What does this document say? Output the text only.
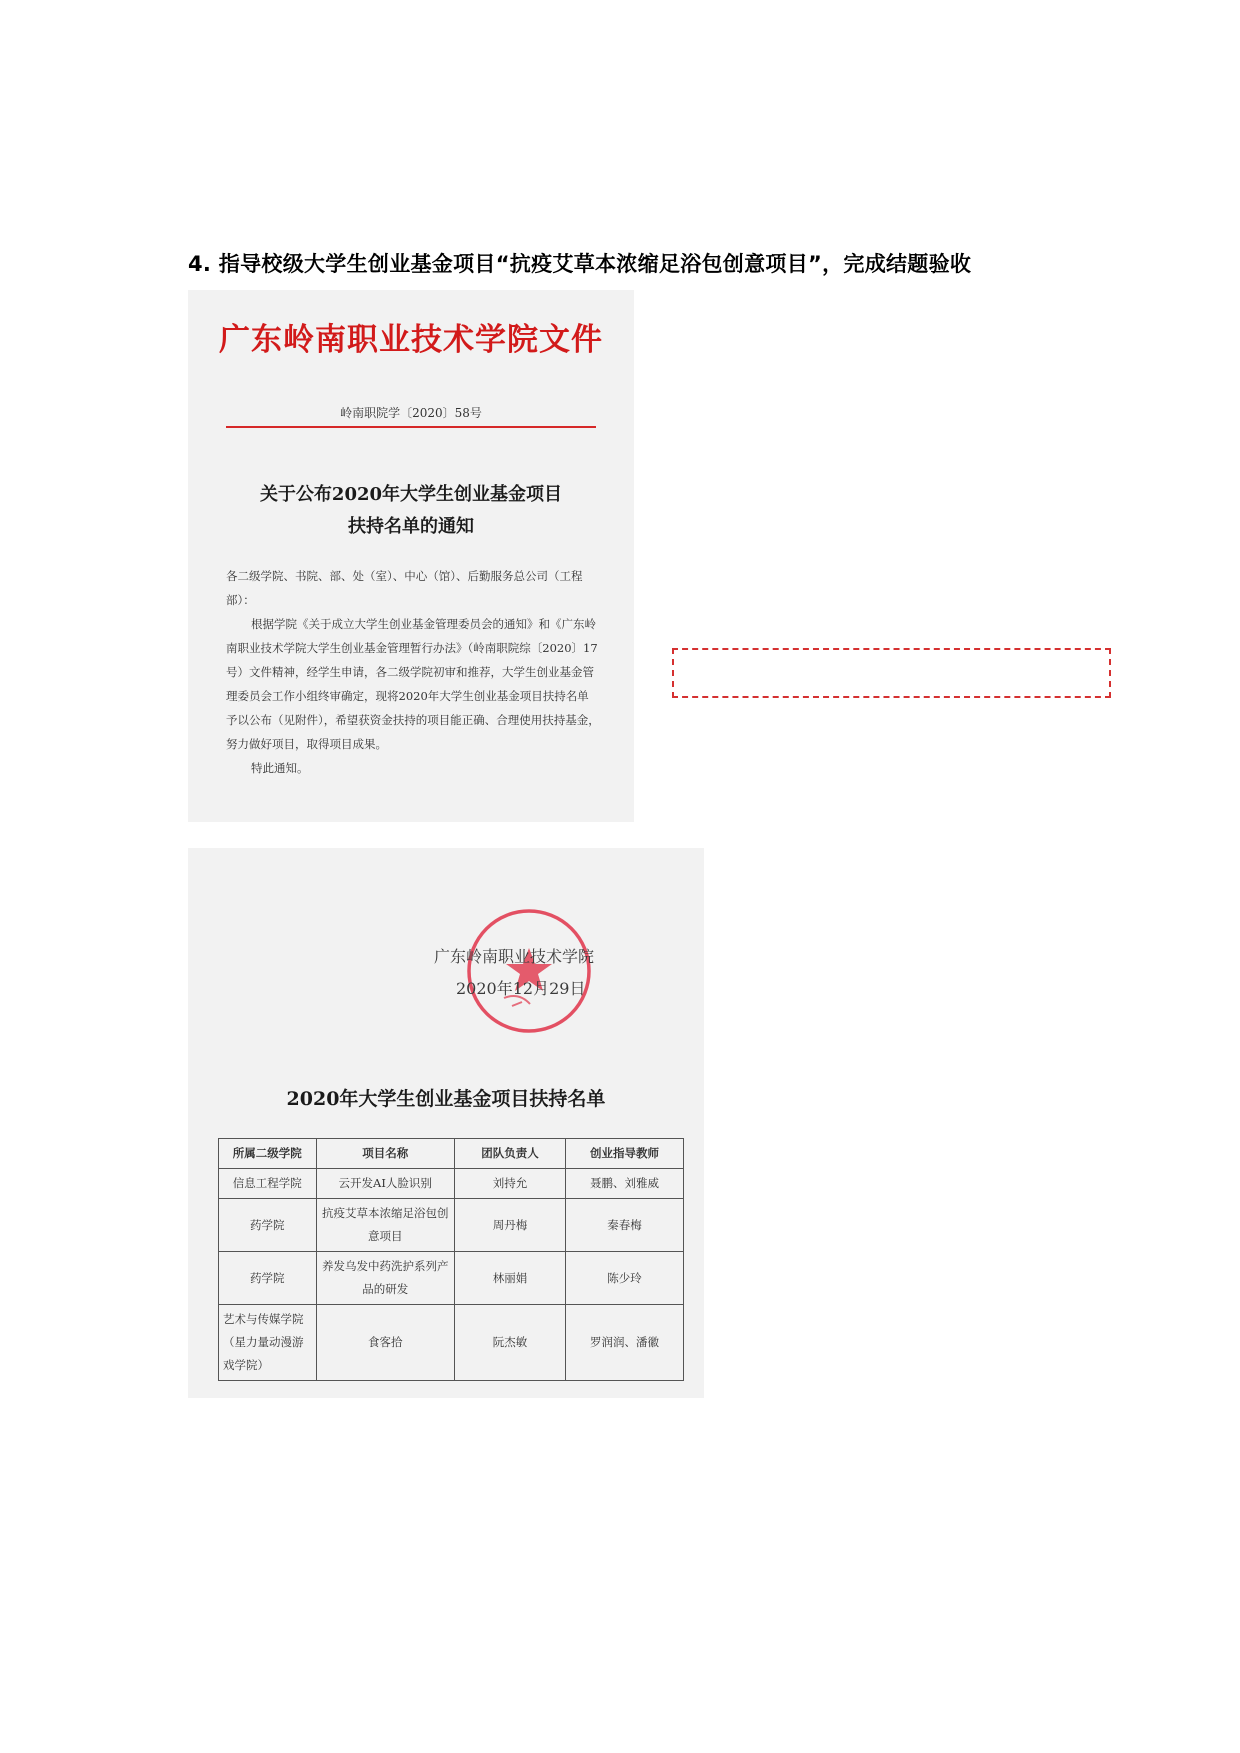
4. 指导校级大学生创业基金项目“抗疫艾草本浓缩足浴包创意项目”，完成结题验收
广东岭南职业技术学院文件
岭南职院学〔2020〕58号
关于公布2020年大学生创业基金项目
扶持名单的通知

各二级学院、书院、部、处（室）、中心（馆）、后勤服务总公司（工程部）：

根据学院《关于成立大学生创业基金管理委员会的通知》和《广东岭南职业技术学院大学生创业基金管理暂行办法》（岭南职院综〔2020〕17号）文件精神，经学生申请，各二级学院初审和推荐，大学生创业基金管理委员会工作小组终审确定，现将2020年大学生创业基金项目扶持名单予以公布（见附件），希望获资金扶持的项目能正确、合理使用扶持基金，努力做好项目，取得项目成果。

特此通知。

广东岭南职业技术学院
2020年12月29日
2020年大学生创业基金项目扶持名单
所属二级学院	项目名称	团队负责人	创业指导教师
信息工程学院	云开发AI人脸识别	刘持允	聂鹏、刘雅威
药学院	抗疫艾草本浓缩足浴包创意项目	周丹梅	秦春梅
药学院	养发乌发中药洗护系列产品的研发	林丽娟	陈少玲
艺术与传媒学院（星力量动漫游戏学院）	食客拾	阮杰敏	罗润润、潘徽
